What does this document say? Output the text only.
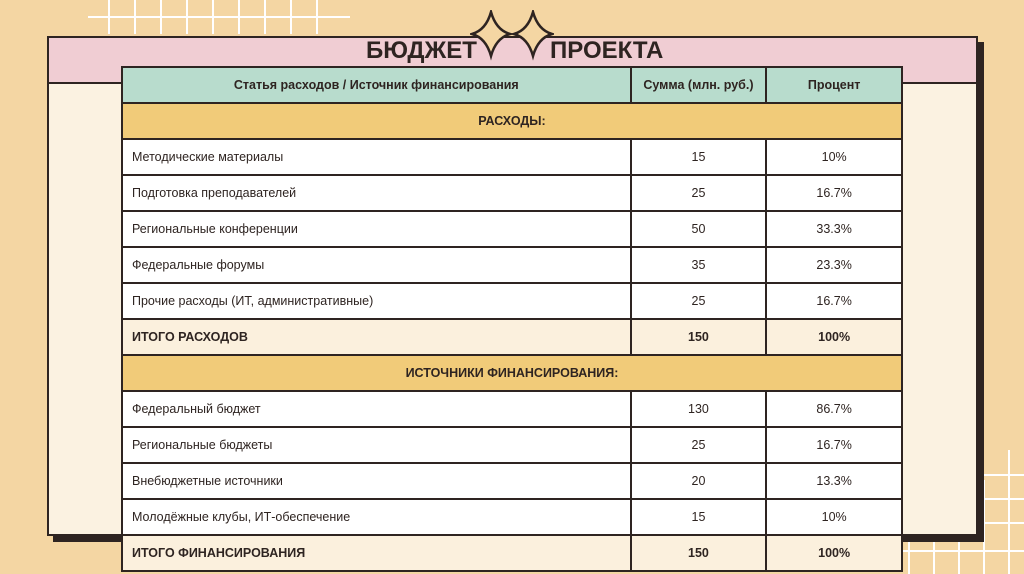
БЮДЖЕТ	ПРОЕКТА
Статья расходов / Источник финансирования	Сумма (млн. руб.)	Процент
РАСХОДЫ:		
Методические материалы	15	10%
Подготовка преподавателей	25	16.7%
Региональные конференции	50	33.3%
Федеральные форумы	35	23.3%
Прочие расходы (ИТ, административные)	25	16.7%
ИТОГО РАСХОДОВ	150	100%
ИСТОЧНИКИ ФИНАНСИРОВАНИЯ:		
Федеральный бюджет	130	86.7%
Региональные бюджеты	25	16.7%
Внебюджетные источники	20	13.3%
Молодёжные клубы, ИТ-обеспечение	15	10%
ИТОГО ФИНАНСИРОВАНИЯ	150	100%
